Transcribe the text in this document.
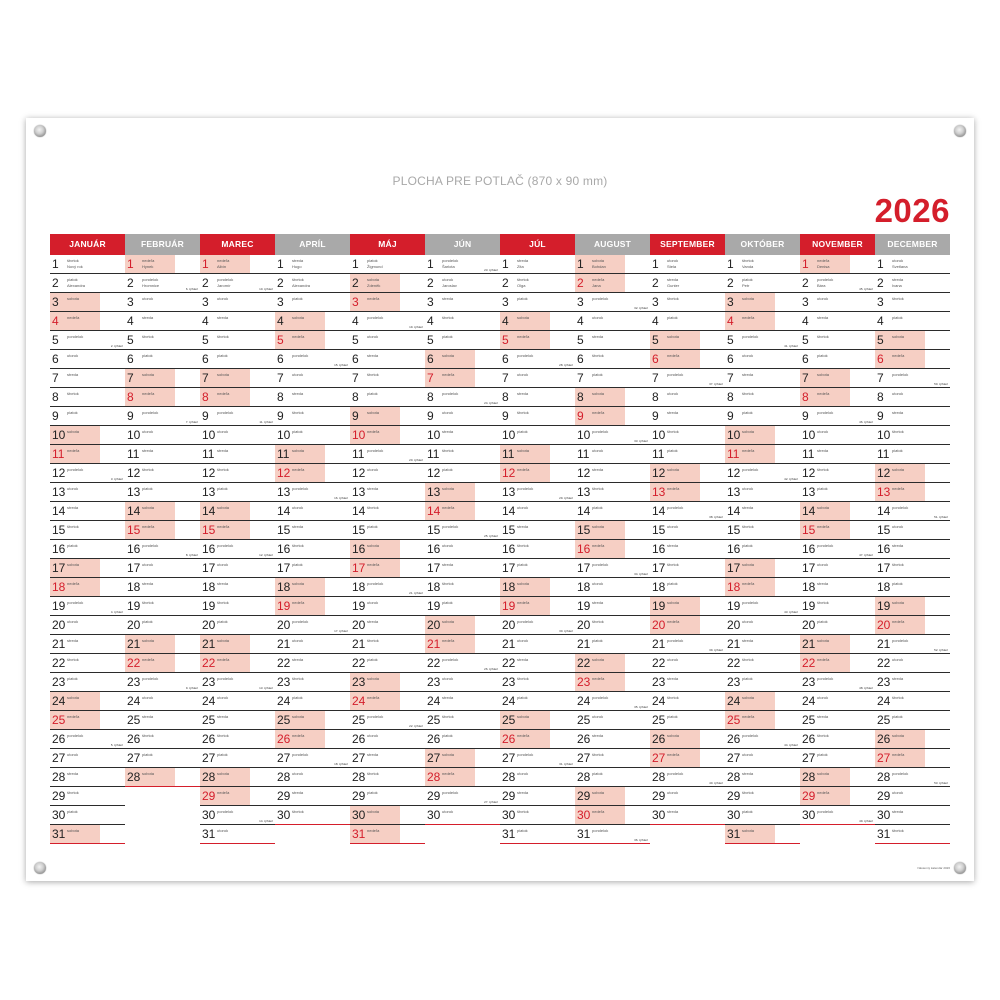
PLOCHA PRE POTLAČ (870 x 90 mm)
2026
JANUÁR
1 štvrtok
Nový rok
2 piatok
Alexandra
3 sobota
4 nedeľa
5 pondelok
2. týždeň
6 utorok
7 streda
8 štvrtok
9 piatok
10 sobota
11 nedeľa
12 pondelok
3. týždeň
13 utorok
14 streda
15 štvrtok
16 piatok
17 sobota
18 nedeľa
19 pondelok
4. týždeň
20 utorok
21 streda
22 štvrtok
23 piatok
24 sobota
25 nedeľa
26 pondelok
5. týždeň
27 utorok
28 streda
29 štvrtok
30 piatok
31 sobota
FEBRUÁR
1 nedeľa
Hynek
2 pondelok
Hromnice
6. týždeň
3 utorok
4 streda
5 štvrtok
6 piatok
7 sobota
8 nedeľa
9 pondelok
7. týždeň
10 utorok
11 streda
12 štvrtok
13 piatok
14 sobota
15 nedeľa
16 pondelok
8. týždeň
17 utorok
18 streda
19 štvrtok
20 piatok
21 sobota
22 nedeľa
23 pondelok
9. týždeň
24 utorok
25 streda
26 štvrtok
27 piatok
28 sobota
MAREC
1 nedeľa
Albín
2 pondelok
Jaromír
10. týždeň
3 utorok
4 streda
5 štvrtok
6 piatok
7 sobota
8 nedeľa
9 pondelok
11. týždeň
10 utorok
11 streda
12 štvrtok
13 piatok
14 sobota
15 nedeľa
16 pondelok
12. týždeň
17 utorok
18 streda
19 štvrtok
20 piatok
21 sobota
22 nedeľa
23 pondelok
13. týždeň
24 utorok
25 streda
26 štvrtok
27 piatok
28 sobota
29 nedeľa
30 pondelok
14. týždeň
31 utorok
APRÍL
1 streda
Hugo
2 štvrtok
Alexandra
3 piatok
4 sobota
5 nedeľa
6 pondelok
15. týždeň
7 utorok
8 streda
9 štvrtok
10 piatok
11 sobota
12 nedeľa
13 pondelok
16. týždeň
14 utorok
15 streda
16 štvrtok
17 piatok
18 sobota
19 nedeľa
20 pondelok
17. týždeň
21 utorok
22 streda
23 štvrtok
24 piatok
25 sobota
26 nedeľa
27 pondelok
18. týždeň
28 utorok
29 streda
30 štvrtok
MÁJ
1 piatok
Žigmund
2 sobota
Zdeněk
3 nedeľa
4 pondelok
19. týždeň
5 utorok
6 streda
7 štvrtok
8 piatok
9 sobota
10 nedeľa
11 pondelok
20. týždeň
12 utorok
13 streda
14 štvrtok
15 piatok
16 sobota
17 nedeľa
18 pondelok
21. týždeň
19 utorok
20 streda
21 štvrtok
22 piatok
23 sobota
24 nedeľa
25 pondelok
22. týždeň
26 utorok
27 streda
28 štvrtok
29 piatok
30 sobota
31 nedeľa
JÚN
1 pondelok
Šarlota
23. týždeň
2 utorok
Jaroslav
3 streda
4 štvrtok
5 piatok
6 sobota
7 nedeľa
8 pondelok
24. týždeň
9 utorok
10 streda
11 štvrtok
12 piatok
13 sobota
14 nedeľa
15 pondelok
25. týždeň
16 utorok
17 streda
18 štvrtok
19 piatok
20 sobota
21 nedeľa
22 pondelok
26. týždeň
23 utorok
24 streda
25 štvrtok
26 piatok
27 sobota
28 nedeľa
29 pondelok
27. týždeň
30 utorok
JÚL
1 streda
Zita
2 štvrtok
Olga
3 piatok
4 sobota
5 nedeľa
6 pondelok
28. týždeň
7 utorok
8 streda
9 štvrtok
10 piatok
11 sobota
12 nedeľa
13 pondelok
29. týždeň
14 utorok
15 streda
16 štvrtok
17 piatok
18 sobota
19 nedeľa
20 pondelok
30. týždeň
21 utorok
22 streda
23 štvrtok
24 piatok
25 sobota
26 nedeľa
27 pondelok
31. týždeň
28 utorok
29 streda
30 štvrtok
31 piatok
AUGUST
1 sobota
Bohdan
2 nedeľa
Jana
3 pondelok
32. týždeň
4 utorok
5 streda
6 štvrtok
7 piatok
8 sobota
9 nedeľa
10 pondelok
33. týždeň
11 utorok
12 streda
13 štvrtok
14 piatok
15 sobota
16 nedeľa
17 pondelok
34. týždeň
18 utorok
19 streda
20 štvrtok
21 piatok
22 sobota
23 nedeľa
24 pondelok
35. týždeň
25 utorok
26 streda
27 štvrtok
28 piatok
29 sobota
30 nedeľa
31 pondelok
36. týždeň
SEPTEMBER
1 utorok
Stela
2 streda
Gunter
3 štvrtok
4 piatok
5 sobota
6 nedeľa
7 pondelok
37. týždeň
8 utorok
9 streda
10 štvrtok
11 piatok
12 sobota
13 nedeľa
14 pondelok
38. týždeň
15 utorok
16 streda
17 štvrtok
18 piatok
19 sobota
20 nedeľa
21 pondelok
39. týždeň
22 utorok
23 streda
24 štvrtok
25 piatok
26 sobota
27 nedeľa
28 pondelok
40. týždeň
29 utorok
30 streda
OKTÓBER
1 štvrtok
Vanda
2 piatok
Petr
3 sobota
4 nedeľa
5 pondelok
41. týždeň
6 utorok
7 streda
8 štvrtok
9 piatok
10 sobota
11 nedeľa
12 pondelok
42. týždeň
13 utorok
14 streda
15 štvrtok
16 piatok
17 sobota
18 nedeľa
19 pondelok
43. týždeň
20 utorok
21 streda
22 štvrtok
23 piatok
24 sobota
25 nedeľa
26 pondelok
44. týždeň
27 utorok
28 streda
29 štvrtok
30 piatok
31 sobota
NOVEMBER
1 nedeľa
Denisa
2 pondelok
Bára
45. týždeň
3 utorok
4 streda
5 štvrtok
6 piatok
7 sobota
8 nedeľa
9 pondelok
46. týždeň
10 utorok
11 streda
12 štvrtok
13 piatok
14 sobota
15 nedeľa
16 pondelok
47. týždeň
17 utorok
18 streda
19 štvrtok
20 piatok
21 sobota
22 nedeľa
23 pondelok
48. týždeň
24 utorok
25 streda
26 štvrtok
27 piatok
28 sobota
29 nedeľa
30 pondelok
49. týždeň
DECEMBER
1 utorok
Svetlana
2 streda
Ivana
3 štvrtok
4 piatok
5 sobota
6 nedeľa
7 pondelok
50. týždeň
8 utorok
9 streda
10 štvrtok
11 piatok
12 sobota
13 nedeľa
14 pondelok
51. týždeň
15 utorok
16 streda
17 štvrtok
18 piatok
19 sobota
20 nedeľa
21 pondelok
52. týždeň
22 utorok
23 streda
24 štvrtok
25 piatok
26 sobota
27 nedeľa
28 pondelok
53. týždeň
29 utorok
30 streda
31 štvrtok
Nástenný kalendár 2026
